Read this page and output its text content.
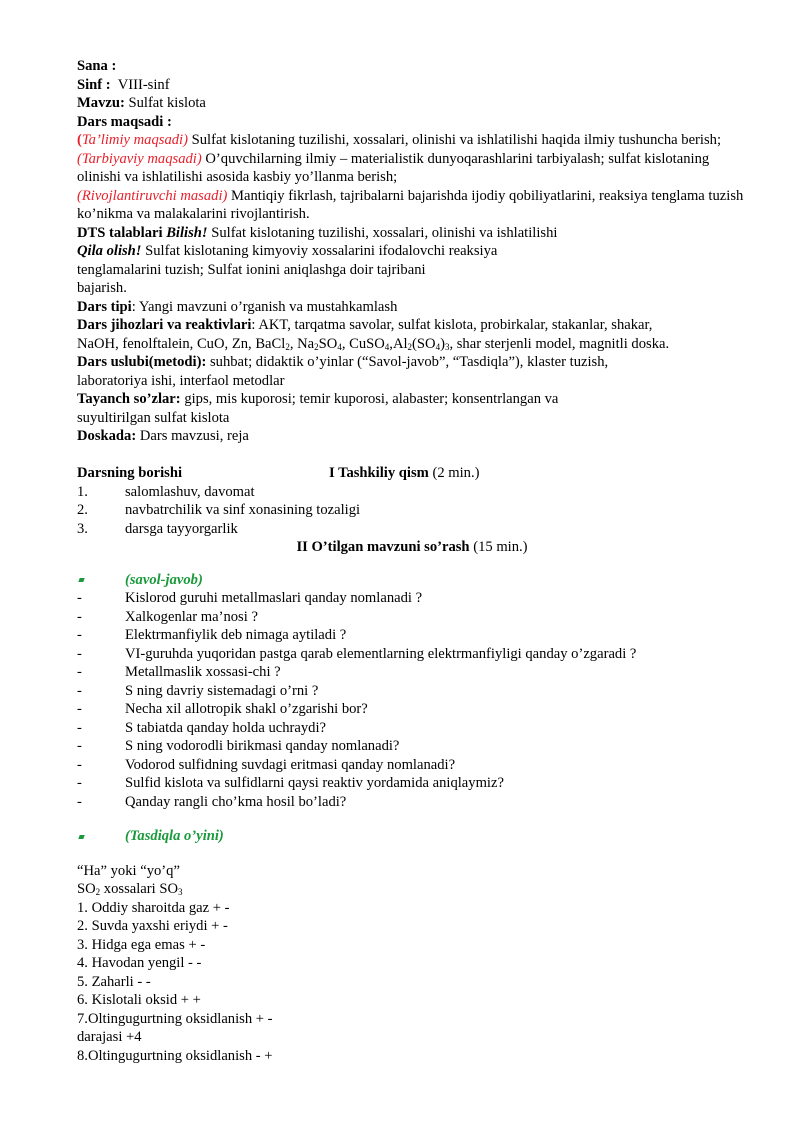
Sana :
Sinf : VIII-sinf
Mavzu: Sulfat kislota
Dars maqsadi :
(Ta’limiy maqsadi) Sulfat kislotaning tuzilishi, xossalari, olinishi va ishlatilishi haqida ilmiy tushuncha berish;
(Tarbiyaviy maqsadi) O’quvchilarning ilmiy – materialistik dunyoqarashlarini tarbiyalash; sulfat kislotaning olinishi va ishlatilishi asosida kasbiy yo’llanma berish;
(Rivojlantiruvchi masadi) Mantiqiy fikrlash, tajribalarni bajarishda ijodiy qobiliyatlarini, reaksiya tenglama tuzish ko’nikma va malakalarini rivojlantirish.
DTS talablari Bilish! Sulfat kislotaning tuzilishi, xossalari, olinishi va ishlatilishi
Qila olish! Sulfat kislotaning kimyoviy xossalarini ifodalovchi reaksiya
tenglamalarini tuzish; Sulfat ionini aniqlashga doir tajribani
bajarish.
Dars tipi: Yangi mavzuni o’rganish va mustahkamlash
Dars jihozlari va reaktivlari: AKT, tarqatma savolar, sulfat kislota, probirkalar, stakanlar, shakar,
NaOH, fenolftalein, CuO, Zn, BaCl$_2$, $Na_2SO_4$, $CuSO_4,Al_2(SO_4)_3$, shar sterjenli model, magnitli doska.
Dars uslubi(metodi): suhbat; didaktik o’yinlar (“Savol-javob”, “Tasdiqla”), klaster tuzish,
laboratoriya ishi, interfaol metodlar
Tayanch so’zlar: gips, mis kuporosi; temir kuporosi, alabaster; konsentrlangan va
suyultirilgan sulfat kislota
Doskada: Dars mavzusi, reja
Darsning borishi	I Tashkiliy qism (2 min.)
1.	salomlashuv, davomat
2.	navbatrchilik va sinf xonasining tozaligi
3.	darsga tayyorgarlik
II O’tilgan mavzuni so’rash (15 min.)
(savol-javob)
-	Kislorod guruhi metallmaslari qanday nomlanadi ?
-	Xalkogenlar ma’nosi ?
-	Elektrmanfiylik deb nimaga aytiladi ?
-	VI-guruhda yuqoridan pastga qarab elementlarning elektrmanfiyligi qanday o’zgaradi ?
-	Metallmaslik xossasi-chi ?
-	S ning davriy sistemadagi o’rni ?
-	Necha xil allotropik shakl o’zgarishi bor?
-	S tabiatda qanday holda uchraydi?
-	S ning vodorodli birikmasi qanday nomlanadi?
-	Vodorod sulfidning suvdagi eritmasi qanday nomlanadi?
-	Sulfid kislota va sulfidlarni qaysi reaktiv yordamida aniqlaymiz?
-	Qanday rangli cho’kma hosil bo’ladi?
(Tasdiqla o’yini)
“Ha” yoki “yo’q”
$SO_2$ xossalari $SO_3$
1. Oddiy sharoitda gaz + -
2. Suvda yaxshi eriydi + -
3. Hidga ega emas + -
4. Havodan yengil - -
5. Zaharli - -
6. Kislotali oksid + +
7.Oltingugurtning oksidlanish + -
darajasi +4
8.Oltingugurtning oksidlanish - +
